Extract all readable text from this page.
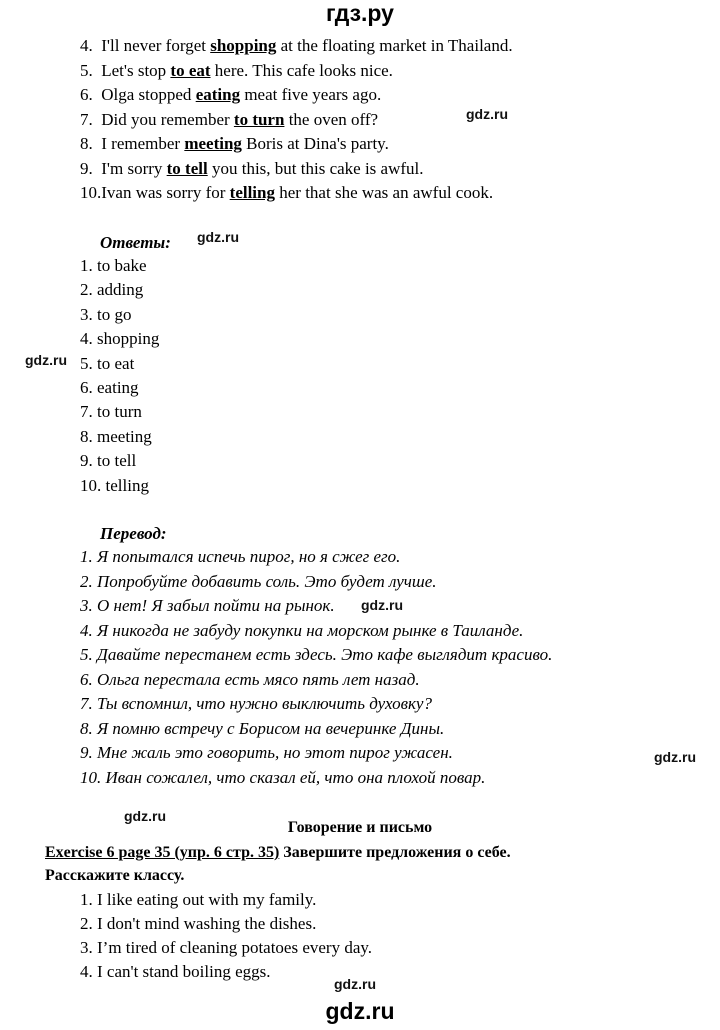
гдз.ру
4. I'll never forget shopping at the floating market in Thailand.
5. Let's stop to eat here. This cafe looks nice.
6. Olga stopped eating meat five years ago.
7. Did you remember to turn the oven off?
8. I remember meeting Boris at Dina's party.
9. I'm sorry to tell you this, but this cake is awful.
10.Ivan was sorry for telling her that she was an awful cook.
gdz.ru
Ответы: gdz.ru
1. to bake
2. adding
3. to go
4. shopping
5. to eat
6. eating
7. to turn
8. meeting
9. to tell
10. telling
gdz.ru
Перевод:
1. Я попытался испечь пирог, но я сжег его.
2. Попробуйте добавить соль. Это будет лучше.
3. О нет! Я забыл пойти на рынок.
4. Я никогда не забуду покупки на морском рынке в Таиланде.
5. Давайте перестанем есть здесь. Это кафе выглядит красиво.
6. Ольга перестала есть мясо пять лет назад.
7. Ты вспомнил, что нужно выключить духовку?
8. Я помню встречу с Борисом на вечеринке Дины.
9. Мне жаль это говорить, но этот пирог ужасен.
10. Иван сожалел, что сказал ей, что она плохой повар.
gdz.ru
gdz.ru
gdz.ru
Говорение и письмо
Exercise 6 page 35 (упр. 6 стр. 35) Завершите предложения о себе.
Расскажите классу.
1. I like eating out with my family.
2. I don't mind washing the dishes.
3. I’m tired of cleaning potatoes every day.
4. I can't stand boiling eggs.
gdz.ru
gdz.ru
